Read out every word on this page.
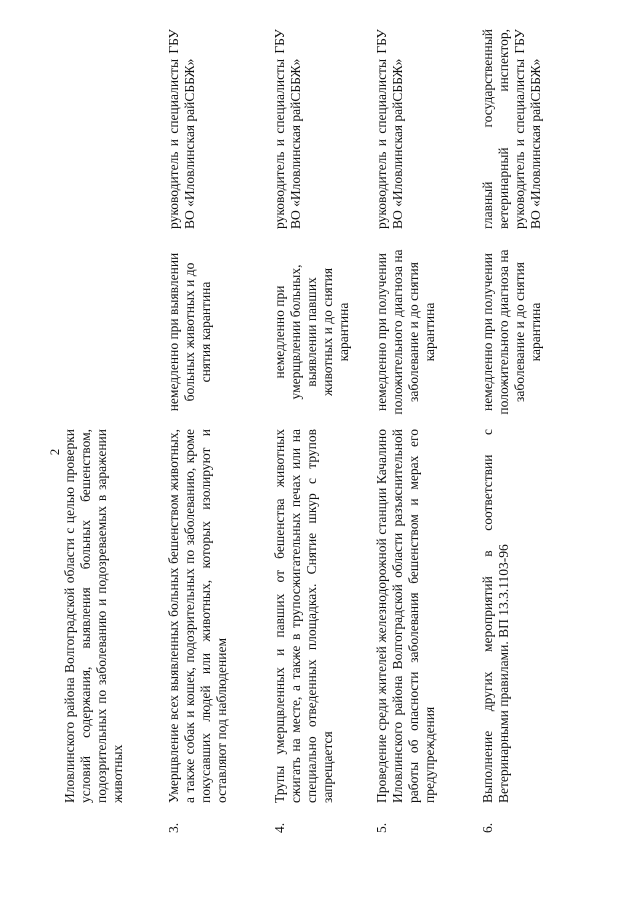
2 Иловлинского района Волгоградской области с целью проверки условий содержания, выявления больных бешенством, подозрительных по заболеванию и подозреваемых в заражении животных

3.

Умерщвление всех выявленных больных бешенством животных, а также собак и кошек, подозрительных по заболеванию, кроме покусавших людей или животных, которых изолируют и оставляют под наблюдением

немедленно при выявлении больных животных и до снятия карантина

руководитель и специалисты ГБУ ВО «Иловлинская райСББЖ»

4.

Трупы умерщвленных и павших от бешенства животных сжигать на месте, а также в трупосжигательных печах или на специально отведенных площадках. Снятие шкур с трупов запрещается

немедленно при умерщвлении больных, выявлении павших животных и до снятия карантина

руководитель и специалисты ГБУ ВО «Иловлинская райСББЖ»

5.

Проведение среди жителей железнодорожной станции Качалино Иловлинского района Волгоградской области разъяснительной работы об опасности заболевания бешенством и мерах его предупреждения

немедленно при получении положительного диагноза на заболевание и до снятия карантина

руководитель и специалисты ГБУ ВО «Иловлинская райСББЖ»

6.

Выполнение других мероприятий в соответствии с Ветеринарными правилами. ВП 13.3.1103-96

немедленно при получении положительного диагноза на заболевание и до снятия карантина

главный государственный ветеринарный инспектор, руководитель и специалисты ГБУ ВО «Иловлинская райСББЖ»
